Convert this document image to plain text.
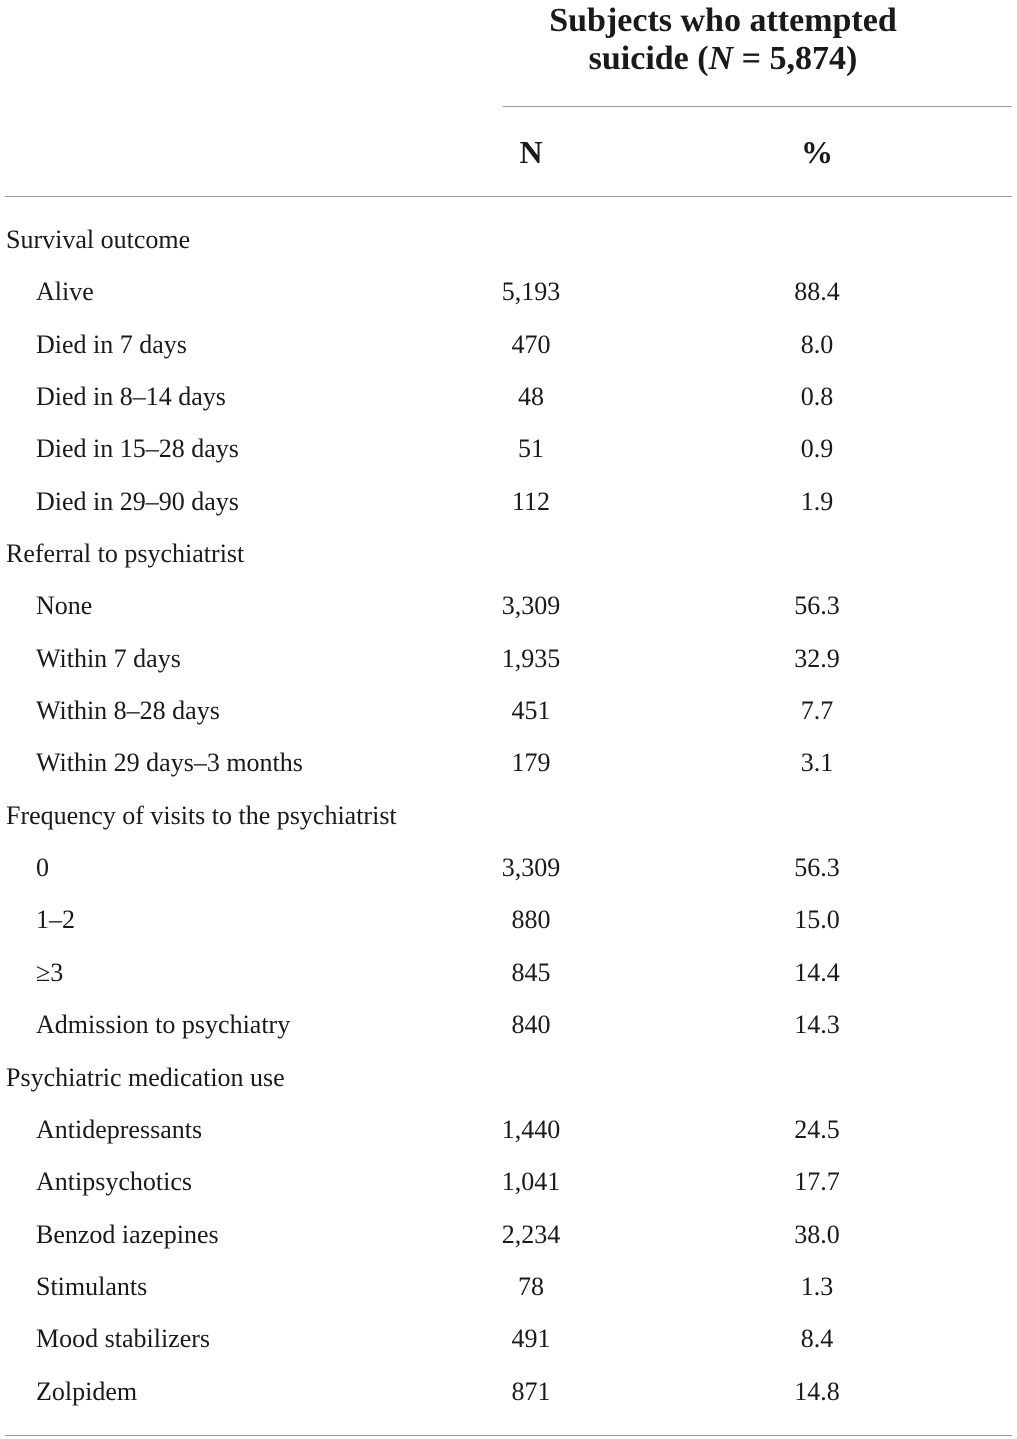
Subjects who attempted
suicide (N = 5,874)
N	%
Survival outcome
Alive	5,193	88.4
Died in 7 days	470	8.0
Died in 8–14 days	48	0.8
Died in 15–28 days	51	0.9
Died in 29–90 days	112	1.9
Referral to psychiatrist
None	3,309	56.3
Within 7 days	1,935	32.9
Within 8–28 days	451	7.7
Within 29 days–3 months	179	3.1
Frequency of visits to the psychiatrist
0	3,309	56.3
1–2	880	15.0
≥3	845	14.4
Admission to psychiatry	840	14.3
Psychiatric medication use
Antidepressants	1,440	24.5
Antipsychotics	1,041	17.7
Benzod iazepines	2,234	38.0
Stimulants	78	1.3
Mood stabilizers	491	8.4
Zolpidem	871	14.8
